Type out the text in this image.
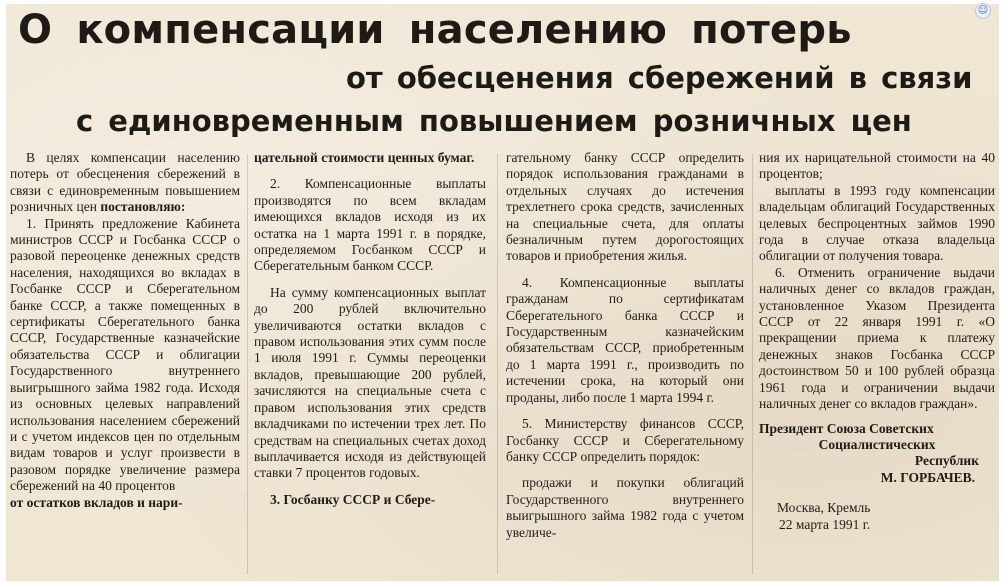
О компенсации населению потерь
от обесценения сбережений в связи
с единовременным повышением розничных цен

В целях компенсации населению потерь от обесценения сбережений в связи с единовременным повышением розничных цен постановляю:

1. Принять предложение Кабинета министров СССР и Госбанка СССР о разовой переоценке денежных средств населения, находящихся во вкладах в Госбанке СССР и Сберегательном банке СССР, а также помещенных в сертификаты Сберегательного банка СССР, Государственные казначейские обязательства СССР и облигации Государственного внутреннего выигрышного займа 1982 года. Исходя из основных целевых направлений использования населением сбережений и с учетом индексов цен по отдельным видам товаров и услуг произвести в разовом порядке увеличение размера сбережений на 40 процентов

от остатков вкладов и нари-

цательной стоимости ценных бумаг.

2. Компенсационные выплаты производятся по всем вкладам имеющихся вкладов исходя из их остатка на 1 марта 1991 г. в порядке, определяемом Госбанком СССР и Сберегательным банком СССР.

На сумму компенсационных выплат до 200 рублей включительно увеличиваются остатки вкладов с правом использования этих сумм после 1 июля 1991 г. Суммы переоценки вкладов, превышающие 200 рублей, зачисляются на специальные счета с правом использования этих средств вкладчиками по истечении трех лет. По средствам на специальных счетах доход выплачивается исходя из действующей ставки 7 процентов годовых.

3. Госбанку СССР и Сбере-

гательному банку СССР определить порядок использования гражданами в отдельных случаях до истечения трехлетнего срока средств, зачисленных на специальные счета, для оплаты безналичным путем дорогостоящих товаров и приобретения жилья.

4. Компенсационные выплаты гражданам по сертификатам Сберегательного банка СССР и Государственным казначейским обязательствам СССР, приобретенным до 1 марта 1991 г., производить по истечении срока, на который они проданы, либо после 1 марта 1994 г.

5. Министерству финансов СССР, Госбанку СССР и Сберегательному банку СССР определить порядок:

продажи и покупки облигаций Государственного внутреннего выигрышного займа 1982 года с учетом увеличе-

ния их нарицательной стоимости на 40 процентов;

выплаты в 1993 году компенсации владельцам облигаций Государственных целевых беспроцентных займов 1990 года в случае отказа владельца облигации от получения товара.

6. Отменить ограничение выдачи наличных денег со вкладов граждан, установленное Указом Президента СССР от 22 января 1991 г. «О прекращении приема к платежу денежных знаков Госбанка СССР достоинством 50 и 100 рублей образца 1961 года и ограничении выдачи наличных денег со вкладов граждан».

Президент Союза Советских
Социалистических
Республик
М. ГОРБАЧЕВ.
Москва, Кремль
22 марта 1991 г.
☺
